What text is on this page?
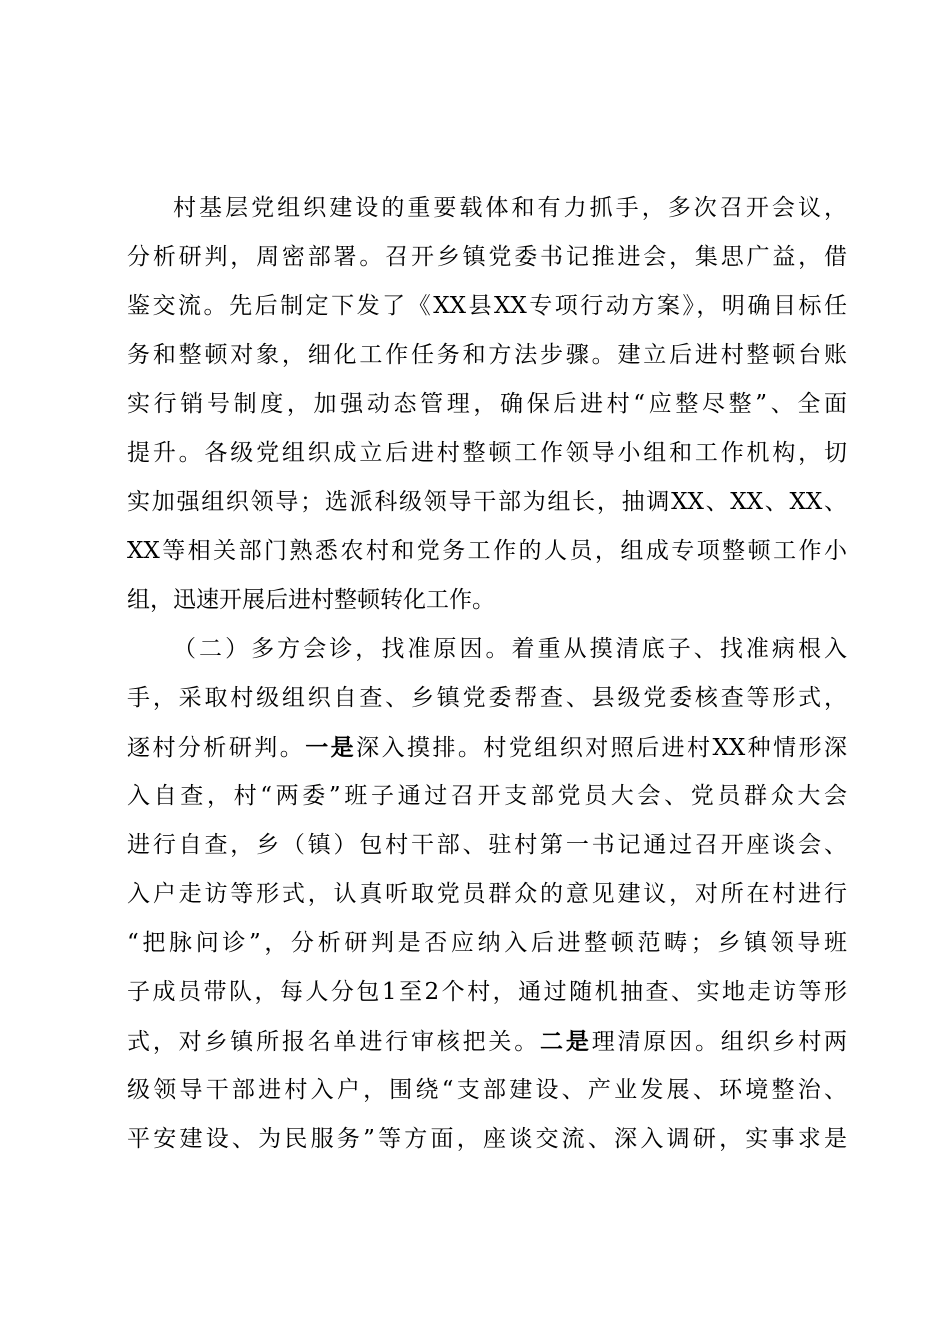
村基层党组织建设的重要载体和有力抓手，多次召开会议，
分析研判，周密部署。召开乡镇党委书记推进会，集思广益，借
鉴交流。先后制定下发了《XX县XX专项行动方案》，明确目标任
务和整顿对象，细化工作任务和方法步骤。建立后进村整顿台账
实行销号制度，加强动态管理，确保后进村“应整尽整”、全面
提升。各级党组织成立后进村整顿工作领导小组和工作机构，切
实加强组织领导；选派科级领导干部为组长，抽调XX、XX、XX、
XX等相关部门熟悉农村和党务工作的人员，组成专项整顿工作小
组，迅速开展后进村整顿转化工作。
（二）多方会诊，找准原因。着重从摸清底子、找准病根入
手，采取村级组织自查、乡镇党委帮查、县级党委核查等形式，
逐村分析研判。一是深入摸排。村党组织对照后进村XX种情形深
入自查，村“两委”班子通过召开支部党员大会、党员群众大会
进行自查，乡（镇）包村干部、驻村第一书记通过召开座谈会、
入户走访等形式，认真听取党员群众的意见建议，对所在村进行
“把脉问诊”，分析研判是否应纳入后进整顿范畴；乡镇领导班
子成员带队，每人分包1至2个村，通过随机抽查、实地走访等形
式，对乡镇所报名单进行审核把关。二是理清原因。组织乡村两
级领导干部进村入户，围绕“支部建设、产业发展、环境整治、
平安建设、为民服务”等方面，座谈交流、深入调研，实事求是
